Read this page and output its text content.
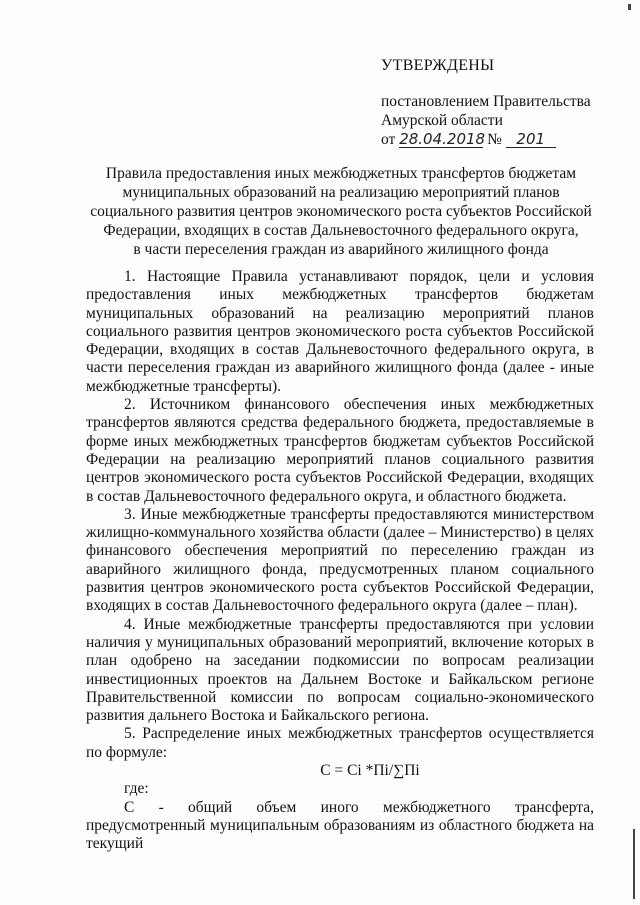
УТВЕРЖДЕНЫ
постановлением Правительства
Амурской области
от 28.04.2018 № 201
Правила предоставления иных межбюджетных трансфертов бюджетам
муниципальных образований на реализацию мероприятий планов
социального развития центров экономического роста субъектов Российской
Федерации, входящих в состав Дальневосточного федерального округа,
в части переселения граждан из аварийного жилищного фонда

1. Настоящие Правила устанавливают порядок, цели и условия предоставления иных межбюджетных трансфертов бюджетам муниципальных образований на реализацию мероприятий планов социального развития центров экономического роста субъектов Российской Федерации, входящих в состав Дальневосточного федерального округа, в части переселения граждан из аварийного жилищного фонда (далее - иные межбюджетные трансферты).

2. Источником финансового обеспечения иных межбюджетных трансфертов являются средства федерального бюджета, предоставляемые в форме иных межбюджетных трансфертов бюджетам субъектов Российской Федерации на реализацию мероприятий планов социального развития центров экономического роста субъектов Российской Федерации, входящих в состав Дальневосточного федерального округа, и областного бюджета.

3. Иные межбюджетные трансферты предоставляются министерством жилищно-коммунального хозяйства области (далее – Министерство) в целях финансового обеспечения мероприятий по переселению граждан из аварийного жилищного фонда, предусмотренных планом социального развития центров экономического роста субъектов Российской Федерации, входящих в состав Дальневосточного федерального округа (далее – план).

4. Иные межбюджетные трансферты предоставляются при условии наличия у муниципальных образований мероприятий, включение которых в план одобрено на заседании подкомиссии по вопросам реализации инвестиционных проектов на Дальнем Востоке и Байкальском регионе Правительственной комиссии по вопросам социально-экономического развития дальнего Востока и Байкальского региона.

5. Распределение иных межбюджетных трансфертов осуществляется по формуле:

C = Ci *Пi/∑Пi

где:

C - общий объем иного межбюджетного трансферта, предусмотренный муниципальным образованиям из областного бюджета на текущий
